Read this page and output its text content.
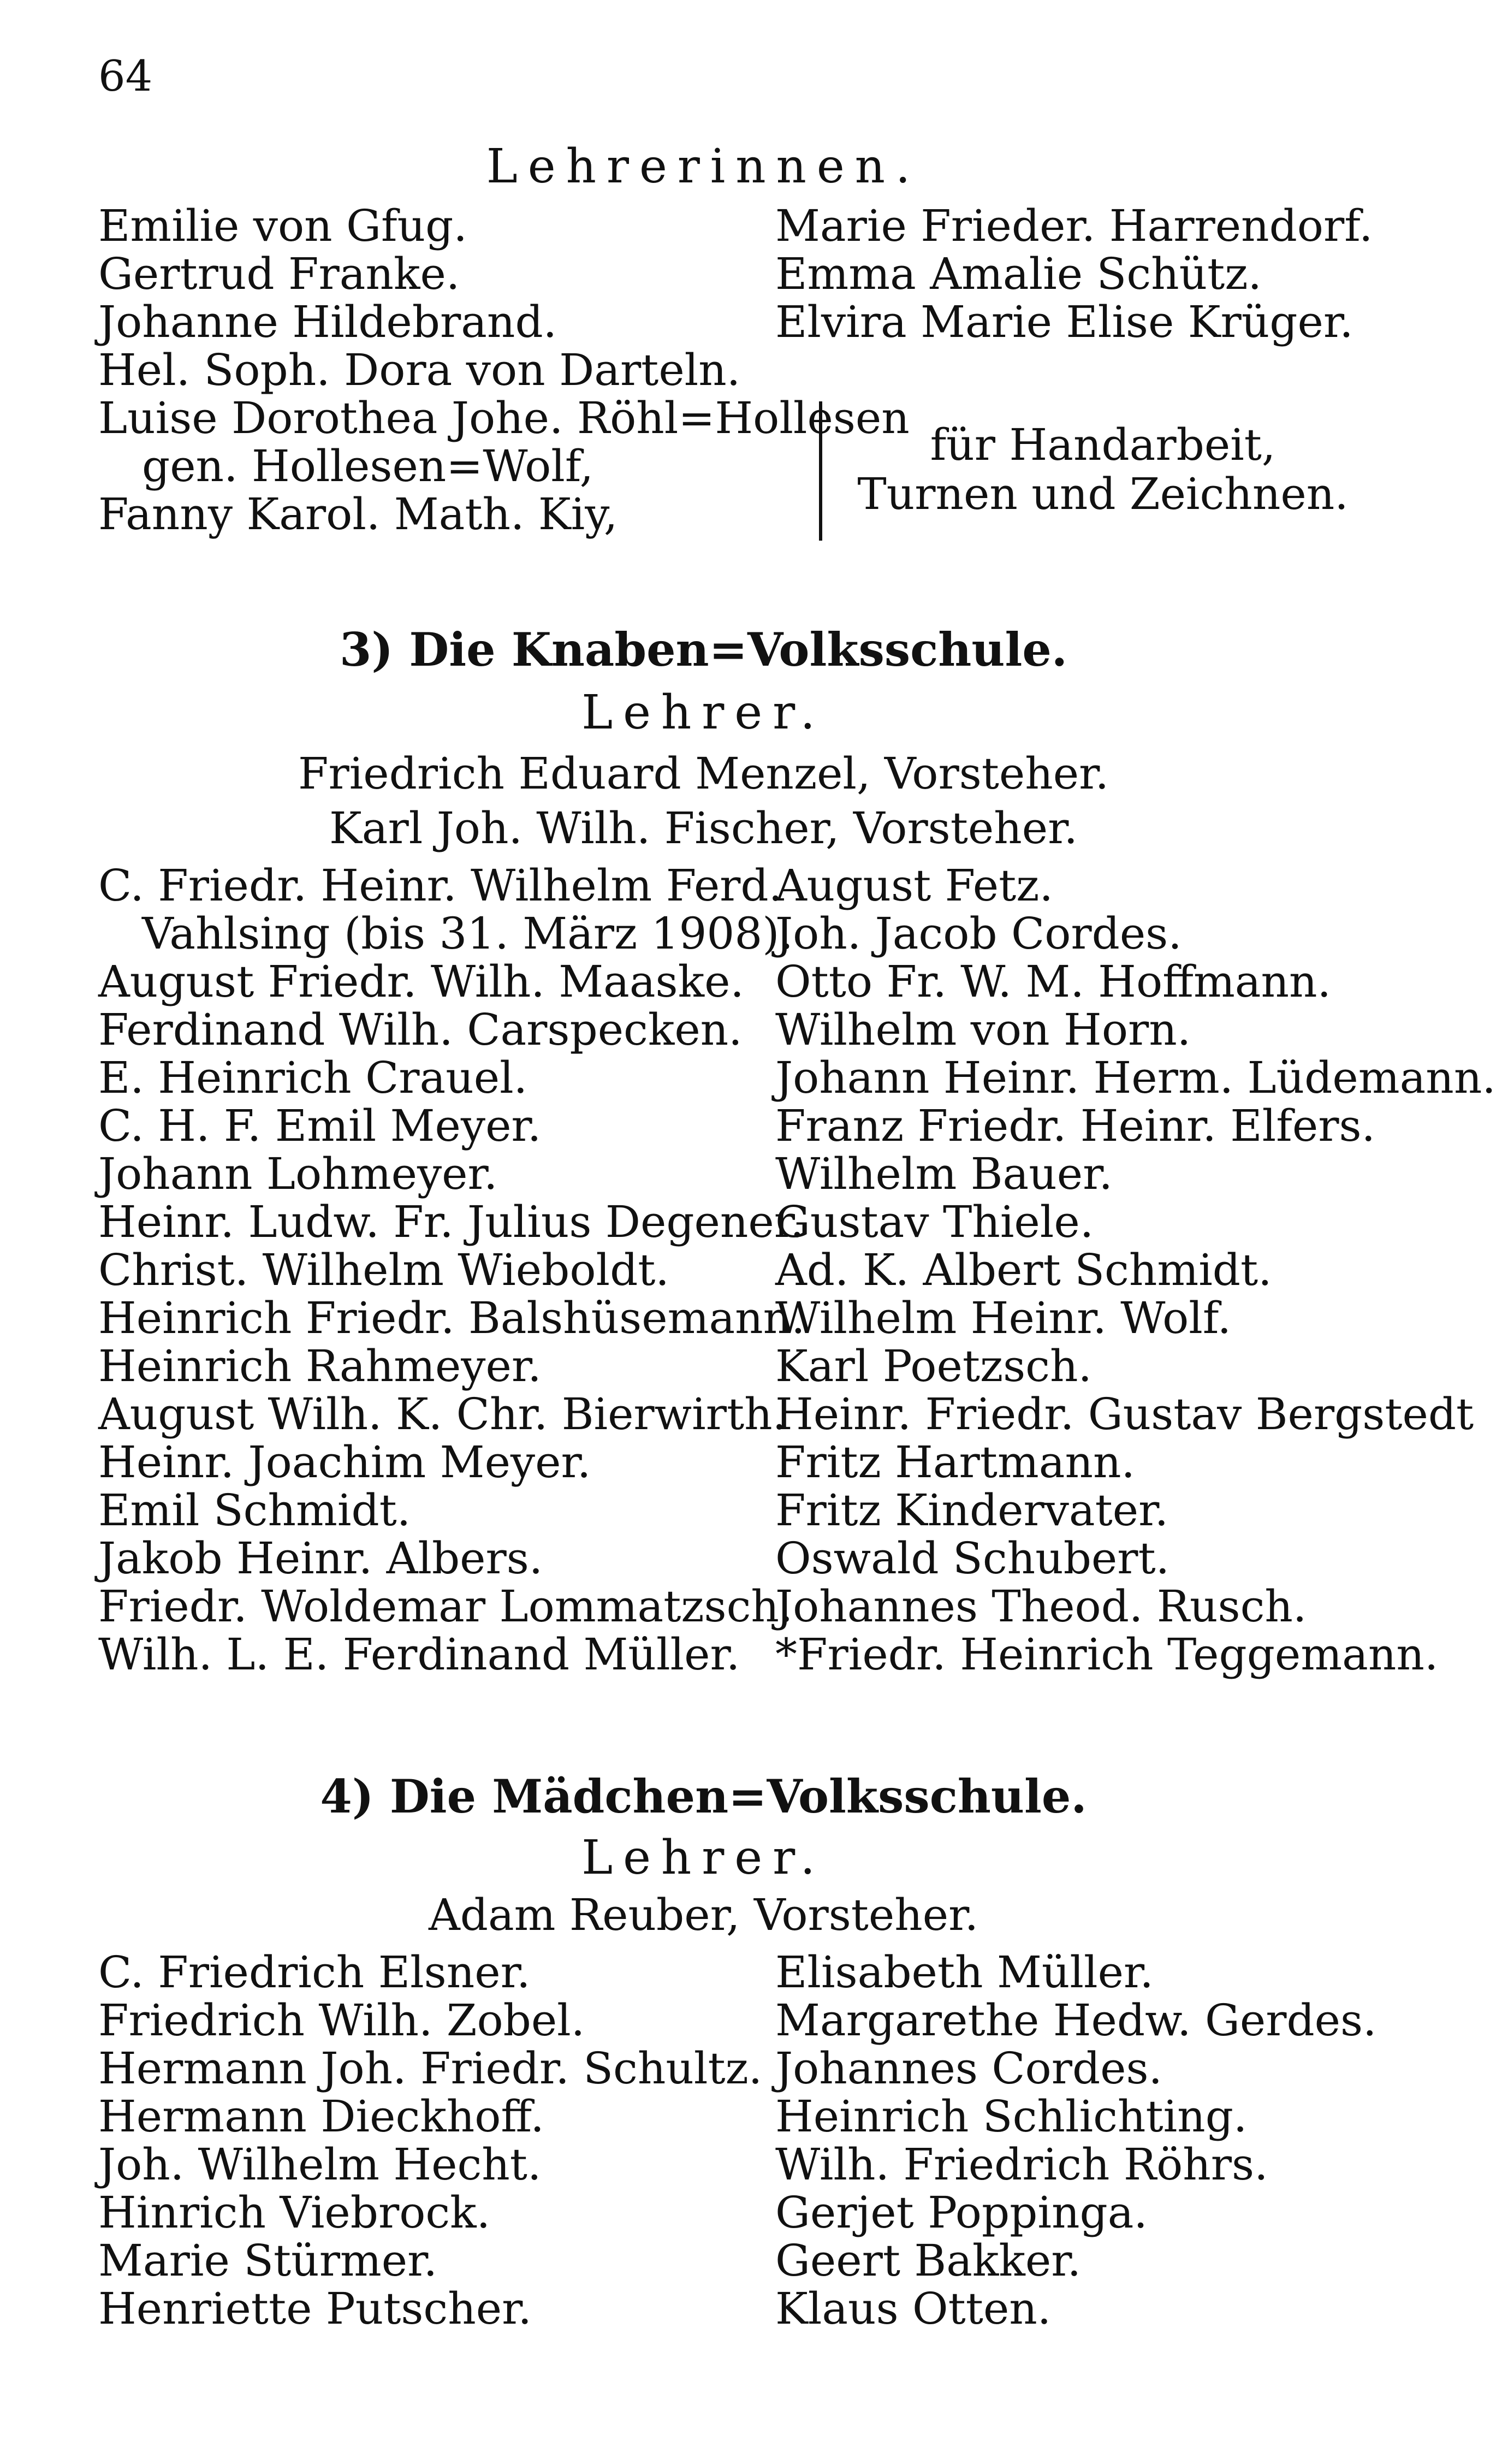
64
Lehrerinnen.
Emilie von Gfug.
Gertrud Franke.
Johanne Hildebrand.
Hel. Soph. Dora von Darteln.
Luise Dorothea Johe. Röhl=Hollesen
gen. Hollesen=Wolf,
Fanny Karol. Math. Kiy,
Marie Frieder. Harrendorf.
Emma Amalie Schütz.
Elvira Marie Elise Krüger.
für Handarbeit, Turnen und Zeichnen.
3) Die Knaben=Volksschule.
Lehrer.
Friedrich Eduard Menzel, Vorsteher.
Karl Joh. Wilh. Fischer, Vorsteher.
C. Friedr. Heinr. Wilhelm Ferd.
Vahlsing (bis 31. März 1908).
August Friedr. Wilh. Maaske.
Ferdinand Wilh. Carspecken.
E. Heinrich Crauel.
C. H. F. Emil Meyer.
Johann Lohmeyer.
Heinr. Ludw. Fr. Julius Degener.
Christ. Wilhelm Wieboldt.
Heinrich Friedr. Balshüsemann.
Heinrich Rahmeyer.
August Wilh. K. Chr. Bierwirth.
Heinr. Joachim Meyer.
Emil Schmidt.
Jakob Heinr. Albers.
Friedr. Woldemar Lommatzsch.
Wilh. L. E. Ferdinand Müller.
August Fetz.
Joh. Jacob Cordes.
Otto Fr. W. M. Hoffmann.
Wilhelm von Horn.
Johann Heinr. Herm. Lüdemann.
Franz Friedr. Heinr. Elfers.
Wilhelm Bauer.
Gustav Thiele.
Ad. K. Albert Schmidt.
Wilhelm Heinr. Wolf.
Karl Poetzsch.
Heinr. Friedr. Gustav Bergstedt
Fritz Hartmann.
Fritz Kindervater.
Oswald Schubert.
Johannes Theod. Rusch.
*Friedr. Heinrich Teggemann.
4) Die Mädchen=Volksschule.
Lehrer.
Adam Reuber, Vorsteher.
C. Friedrich Elsner.
Friedrich Wilh. Zobel.
Hermann Joh. Friedr. Schultz.
Hermann Dieckhoff.
Joh. Wilhelm Hecht.
Hinrich Viebrock.
Marie Stürmer.
Henriette Putscher.
Elisabeth Müller.
Margarethe Hedw. Gerdes.
Johannes Cordes.
Heinrich Schlichting.
Wilh. Friedrich Röhrs.
Gerjet Poppinga.
Geert Bakker.
Klaus Otten.
